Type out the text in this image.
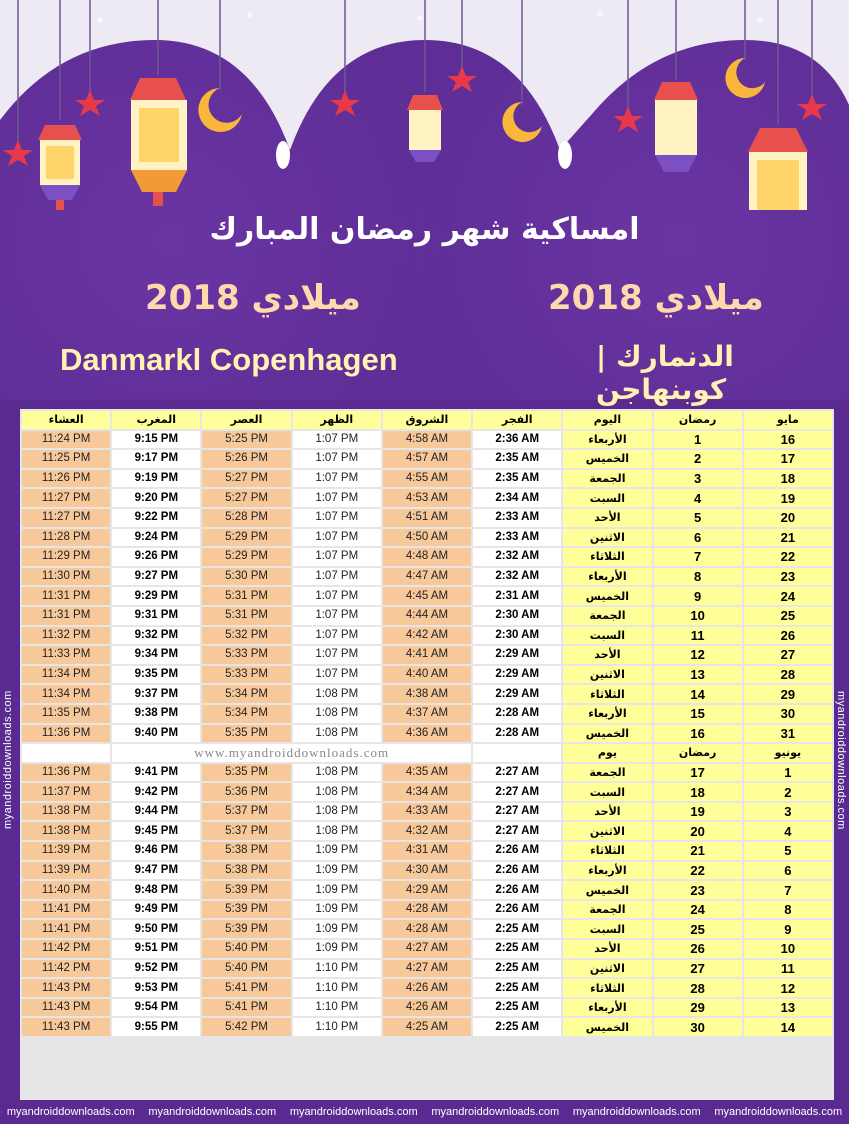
امساكية شهر رمضان المبارك
2018 ميلادي	2018 ميلادي
Danmarkl Copenhagen	الدنمارك | كوبنهاجن
myandroiddownloads.com	myandroiddownloads.com
العشاء	المغرب	العصر	الظهر	الشروق	الفجر	اليوم	رمضان	مايو
11:24 PM	9:15 PM	5:25 PM	1:07 PM	4:58 AM	2:36 AM	الأربعاء	1	16
11:25 PM	9:17 PM	5:26 PM	1:07 PM	4:57 AM	2:35 AM	الخميس	2	17
11:26 PM	9:19 PM	5:27 PM	1:07 PM	4:55 AM	2:35 AM	الجمعة	3	18
11:27 PM	9:20 PM	5:27 PM	1:07 PM	4:53 AM	2:34 AM	السبت	4	19
11:27 PM	9:22 PM	5:28 PM	1:07 PM	4:51 AM	2:33 AM	الأحد	5	20
11:28 PM	9:24 PM	5:29 PM	1:07 PM	4:50 AM	2:33 AM	الاثنين	6	21
11:29 PM	9:26 PM	5:29 PM	1:07 PM	4:48 AM	2:32 AM	الثلاثاء	7	22
11:30 PM	9:27 PM	5:30 PM	1:07 PM	4:47 AM	2:32 AM	الأربعاء	8	23
11:31 PM	9:29 PM	5:31 PM	1:07 PM	4:45 AM	2:31 AM	الخميس	9	24
11:31 PM	9:31 PM	5:31 PM	1:07 PM	4:44 AM	2:30 AM	الجمعة	10	25
11:32 PM	9:32 PM	5:32 PM	1:07 PM	4:42 AM	2:30 AM	السبت	11	26
11:33 PM	9:34 PM	5:33 PM	1:07 PM	4:41 AM	2:29 AM	الأحد	12	27
11:34 PM	9:35 PM	5:33 PM	1:07 PM	4:40 AM	2:29 AM	الاثنين	13	28
11:34 PM	9:37 PM	5:34 PM	1:08 PM	4:38 AM	2:29 AM	الثلاثاء	14	29
11:35 PM	9:38 PM	5:34 PM	1:08 PM	4:37 AM	2:28 AM	الأربعاء	15	30
11:36 PM	9:40 PM	5:35 PM	1:08 PM	4:36 AM	2:28 AM	الخميس	16	31
	www.myandroiddownloads.com					يوم	رمضان	يونيو
11:36 PM	9:41 PM	5:35 PM	1:08 PM	4:35 AM	2:27 AM	الجمعة	17	1
11:37 PM	9:42 PM	5:36 PM	1:08 PM	4:34 AM	2:27 AM	السبت	18	2
11:38 PM	9:44 PM	5:37 PM	1:08 PM	4:33 AM	2:27 AM	الأحد	19	3
11:38 PM	9:45 PM	5:37 PM	1:08 PM	4:32 AM	2:27 AM	الاثنين	20	4
11:39 PM	9:46 PM	5:38 PM	1:09 PM	4:31 AM	2:26 AM	الثلاثاء	21	5
11:39 PM	9:47 PM	5:38 PM	1:09 PM	4:30 AM	2:26 AM	الأربعاء	22	6
11:40 PM	9:48 PM	5:39 PM	1:09 PM	4:29 AM	2:26 AM	الخميس	23	7
11:41 PM	9:49 PM	5:39 PM	1:09 PM	4:28 AM	2:26 AM	الجمعة	24	8
11:41 PM	9:50 PM	5:39 PM	1:09 PM	4:28 AM	2:25 AM	السبت	25	9
11:42 PM	9:51 PM	5:40 PM	1:09 PM	4:27 AM	2:25 AM	الأحد	26	10
11:42 PM	9:52 PM	5:40 PM	1:10 PM	4:27 AM	2:25 AM	الاثنين	27	11
11:43 PM	9:53 PM	5:41 PM	1:10 PM	4:26 AM	2:25 AM	الثلاثاء	28	12
11:43 PM	9:54 PM	5:41 PM	1:10 PM	4:26 AM	2:25 AM	الأربعاء	29	13
11:43 PM	9:55 PM	5:42 PM	1:10 PM	4:25 AM	2:25 AM	الخميس	30	14
myandroiddownloads.com myandroiddownloads.com myandroiddownloads.com myandroiddownloads.com myandroiddownloads.com myandroiddownloads.com
